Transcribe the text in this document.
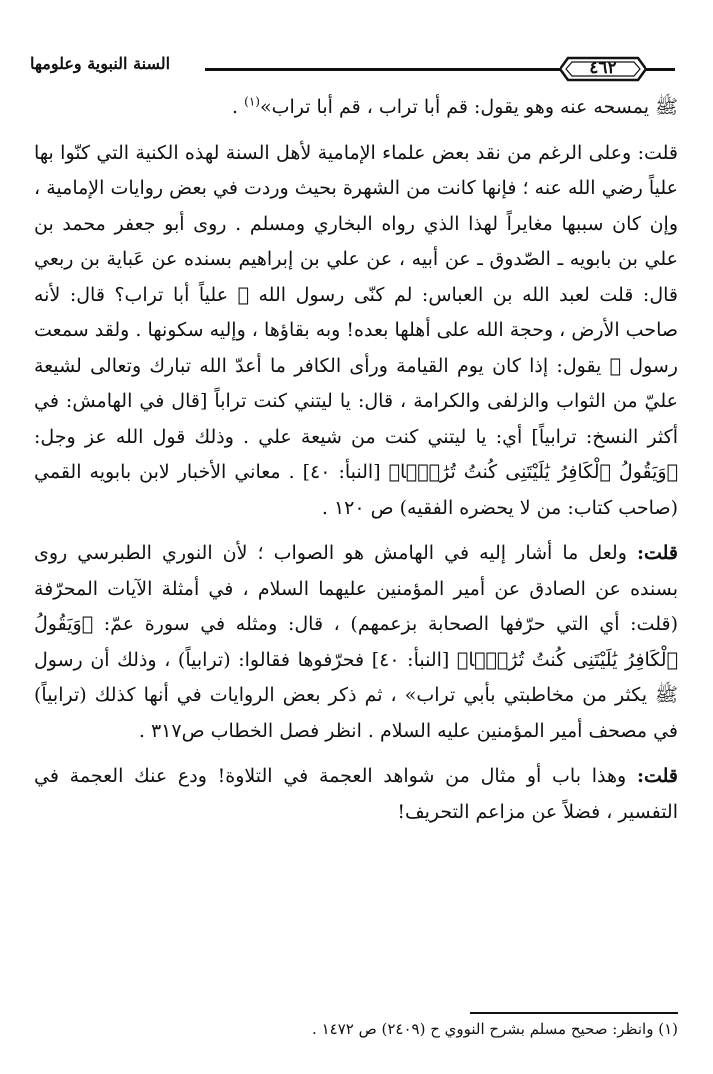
السنة النبوية وعلومها	٤٦٢

ﷺ يمسحه عنه وهو يقول: قم أبا تراب ، قم أبا تراب»$^{(١)}$ .

قلت: وعلى الرغم من نقد بعض علماء الإمامية لأهل السنة لهذه الكنية التي كنّوا بها علياً رضي الله عنه ؛ فإنها كانت من الشهرة بحيث وردت في بعض روايات الإمامية ، وإن كان سببها مغايراً لهذا الذي رواه البخاري ومسلم . روى أبو جعفر محمد بن علي بن بابويه ـ الصّدوق ـ عن أبيه ، عن علي بن إبراهيم بسنده عن عَباية بن ربعي قال: قلت لعبد الله بن العباس: لم كنّى رسول الله ﷺ علياً أبا تراب؟ قال: لأنه صاحب الأرض ، وحجة الله على أهلها بعده! وبه بقاؤها ، وإليه سكونها . ولقد سمعت رسول ﷺ يقول: إذا كان يوم القيامة ورأى الكافر ما أعدّ الله تبارك وتعالى لشيعة عليّ من الثواب والزلفى والكرامة ، قال: يا ليتني كنت تراباً [قال في الهامش: في أكثر النسخ: ترابياً] أي: يا ليتني كنت من شيعة علي . وذلك قول الله عز وجل: ﴿وَيَقُولُ ٱلْكَافِرُ يَٰلَيْتَنِى كُنتُ تُرَٰبًۢا﴾ [النبأ: ٤٠] . معاني الأخبار لابن بابويه القمي (صاحب كتاب: من لا يحضره الفقيه) ص ١٢٠ .

قلت: ولعل ما أشار إليه في الهامش هو الصواب ؛ لأن النوري الطبرسي روى بسنده عن الصادق عن أمير المؤمنين عليهما السلام ، في أمثلة الآيات المحرّفة (قلت: أي التي حرّفها الصحابة بزعمهم) ، قال: ومثله في سورة عمّ: ﴿وَيَقُولُ ٱلْكَافِرُ يَٰلَيْتَنِى كُنتُ تُرَٰبًۢا﴾ [النبأ: ٤٠] فحرّفوها فقالوا: (ترابياً) ، وذلك أن رسول ﷺ يكثر من مخاطبتي بأبي تراب» ، ثم ذكر بعض الروايات في أنها كذلك (ترابياً) في مصحف أمير المؤمنين عليه السلام . انظر فصل الخطاب ص٣١٧ .

قلت: وهذا باب أو مثال من شواهد العجمة في التلاوة! ودع عنك العجمة في التفسير ، فضلاً عن مزاعم التحريف!

(١) وانظر: صحيح مسلم بشرح النووي ح (٢٤٠٩) ص ١٤٧٢ .
